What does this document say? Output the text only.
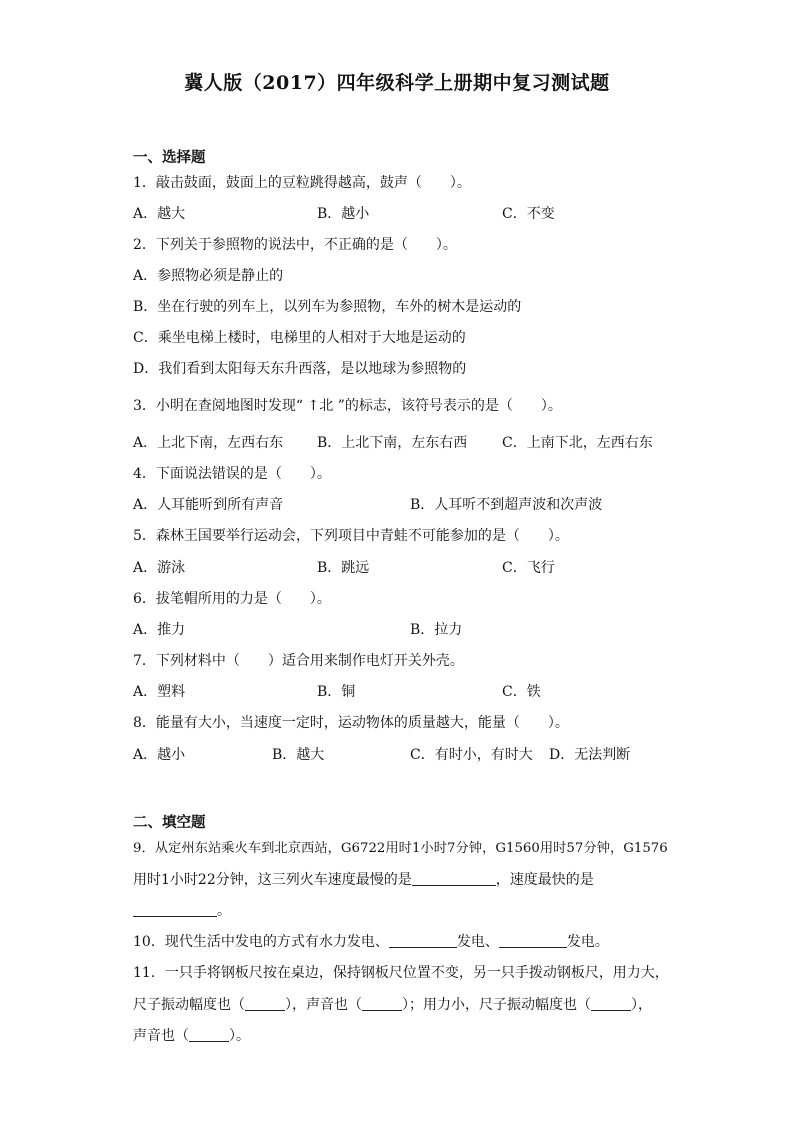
冀人版（2017）四年级科学上册期中复习测试题
一、选择题
1．敲击鼓面，鼓面上的豆粒跳得越高，鼓声（　　）。
A．越大	B．越小	C．不变
2．下列关于参照物的说法中，不正确的是（　　）。
A．参照物必须是静止的
B．坐在行驶的列车上，以列车为参照物，车外的树木是运动的
C．乘坐电梯上楼时，电梯里的人相对于大地是运动的
D．我们看到太阳每天东升西落，是以地球为参照物的
3．小明在查阅地图时发现“ ↑北 ”的标志，该符号表示的是（　　）。
A．上北下南，左西右东 B．上北下南，左东右西 C．上南下北，左西右东
4．下面说法错误的是（　　）。
A．人耳能听到所有声音	B．人耳听不到超声波和次声波
5．森林王国要举行运动会，下列项目中青蛙不可能参加的是（　　）。
A．游泳	B．跳远	C．飞行
6．拔笔帽所用的力是（　　）。
A．推力	B．拉力
7．下列材料中（　　）适合用来制作电灯开关外壳。
A．塑料	B．铜	C．铁
8．能量有大小，当速度一定时，运动物体的质量越大，能量（　　）。
A．越小	B．越大	C．有时小，有时大 D．无法判断
二、填空题
9．从定州东站乘火车到北京西站，G6722用时1小时7分钟，G1560用时57分钟，G1576
用时1小时22分钟，这三列火车速度最慢的是	，速度最快的是
。
10．现代生活中发电的方式有水力发电、	发电、	发电。
11．一只手将钢板尺按在桌边，保持钢板尺位置不变，另一只手拨动钢板尺，用力大，
尺子振动幅度也（	），声音也（	）；用力小，尺子振动幅度也（	），
声音也（	）。
